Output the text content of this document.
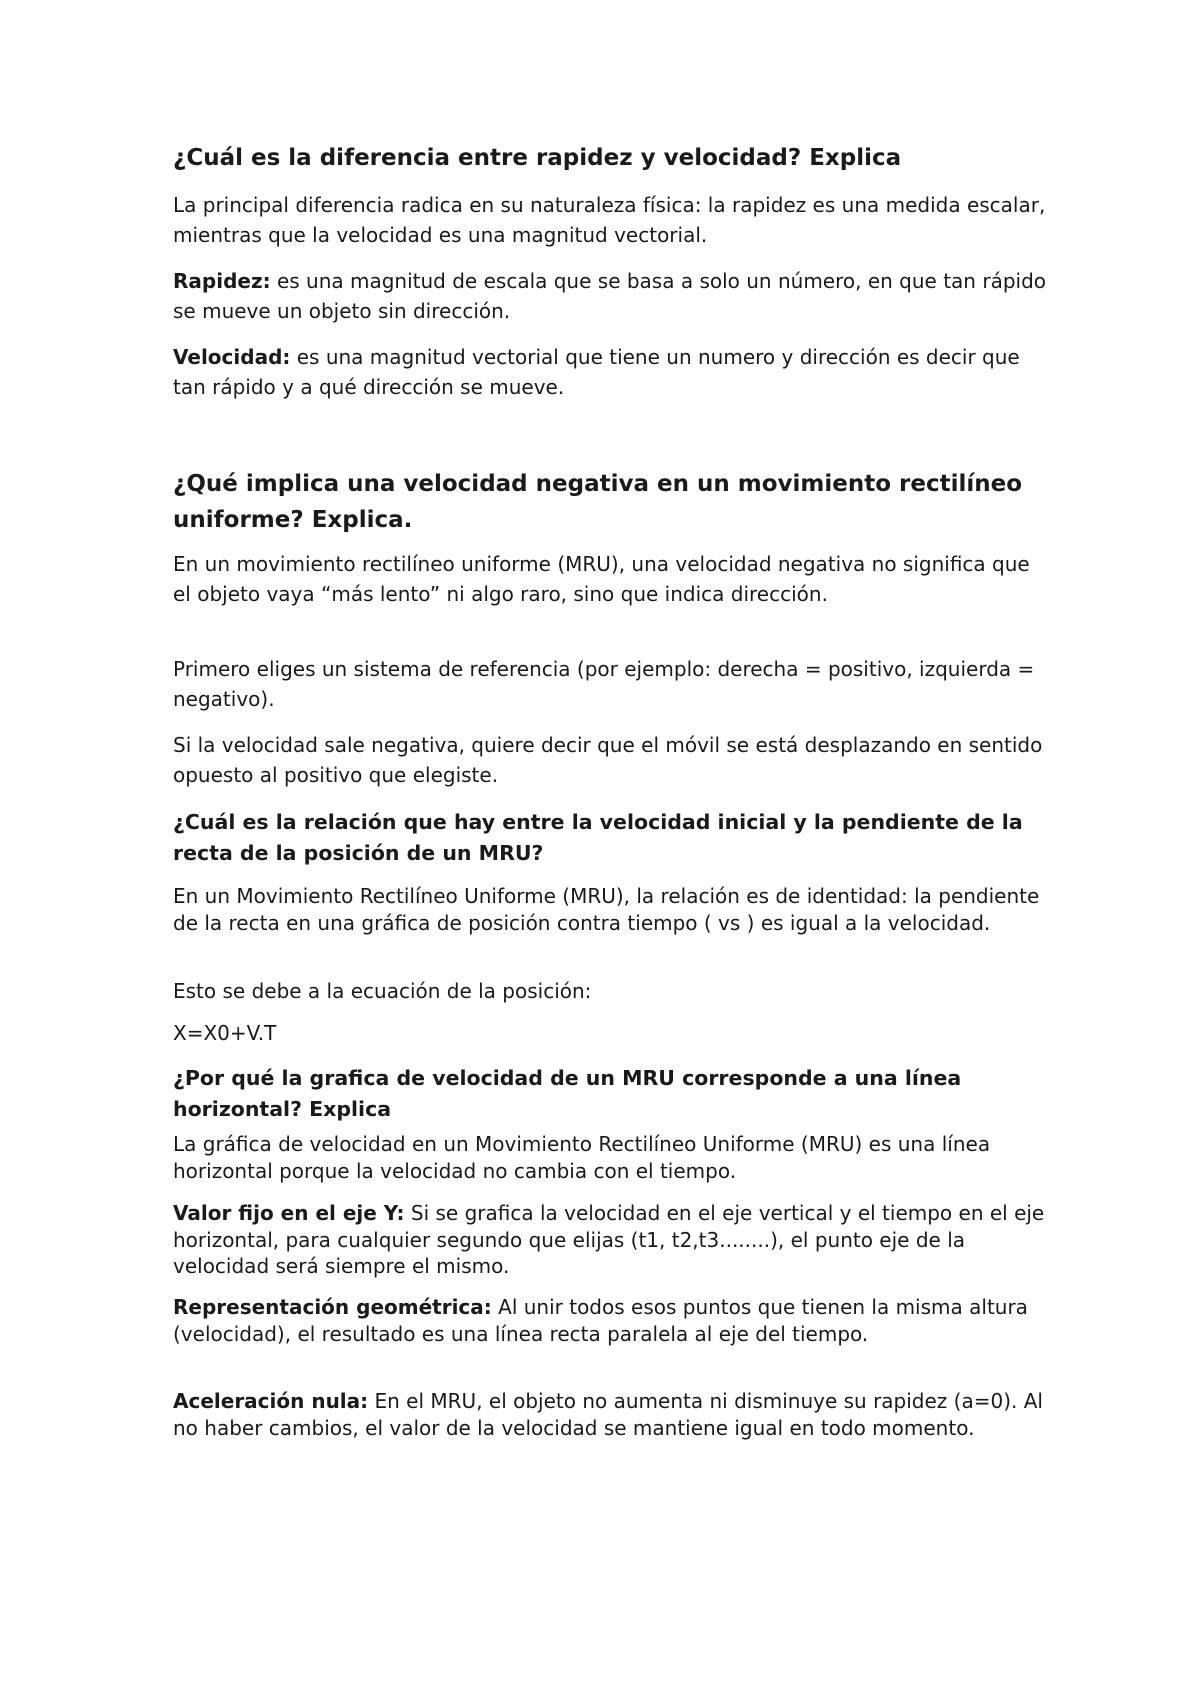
¿Cuál es la diferencia entre rapidez y velocidad? Explica

La principal diferencia radica en su naturaleza física: la rapidez es una medida escalar, mientras que la velocidad es una magnitud vectorial.

Rapidez: es una magnitud de escala que se basa a solo un número, en que tan rápido se mueve un objeto sin dirección.

Velocidad: es una magnitud vectorial que tiene un numero y dirección es decir que tan rápido y a qué dirección se mueve.

¿Qué implica una velocidad negativa en un movimiento rectilíneo uniforme? Explica.

En un movimiento rectilíneo uniforme (MRU), una velocidad negativa no significa que el objeto vaya “más lento” ni algo raro, sino que indica dirección.

Primero eliges un sistema de referencia (por ejemplo: derecha = positivo, izquierda = negativo).

Si la velocidad sale negativa, quiere decir que el móvil se está desplazando en sentido opuesto al positivo que elegiste.

¿Cuál es la relación que hay entre la velocidad inicial y la pendiente de la recta de la posición de un MRU?

En un Movimiento Rectilíneo Uniforme (MRU), la relación es de identidad: la pendiente de la recta en una gráfica de posición contra tiempo ( vs ) es igual a la velocidad.

Esto se debe a la ecuación de la posición:

X=X0+V.T

¿Por qué la grafica de velocidad de un MRU corresponde a una línea horizontal? Explica

La gráfica de velocidad en un Movimiento Rectilíneo Uniforme (MRU) es una línea horizontal porque la velocidad no cambia con el tiempo.

Valor fijo en el eje Y: Si se grafica la velocidad en el eje vertical y el tiempo en el eje horizontal, para cualquier segundo que elijas (t1, t2,t3........), el punto eje de la velocidad será siempre el mismo.

Representación geométrica: Al unir todos esos puntos que tienen la misma altura (velocidad), el resultado es una línea recta paralela al eje del tiempo.

Aceleración nula: En el MRU, el objeto no aumenta ni disminuye su rapidez (a=0). Al no haber cambios, el valor de la velocidad se mantiene igual en todo momento.
